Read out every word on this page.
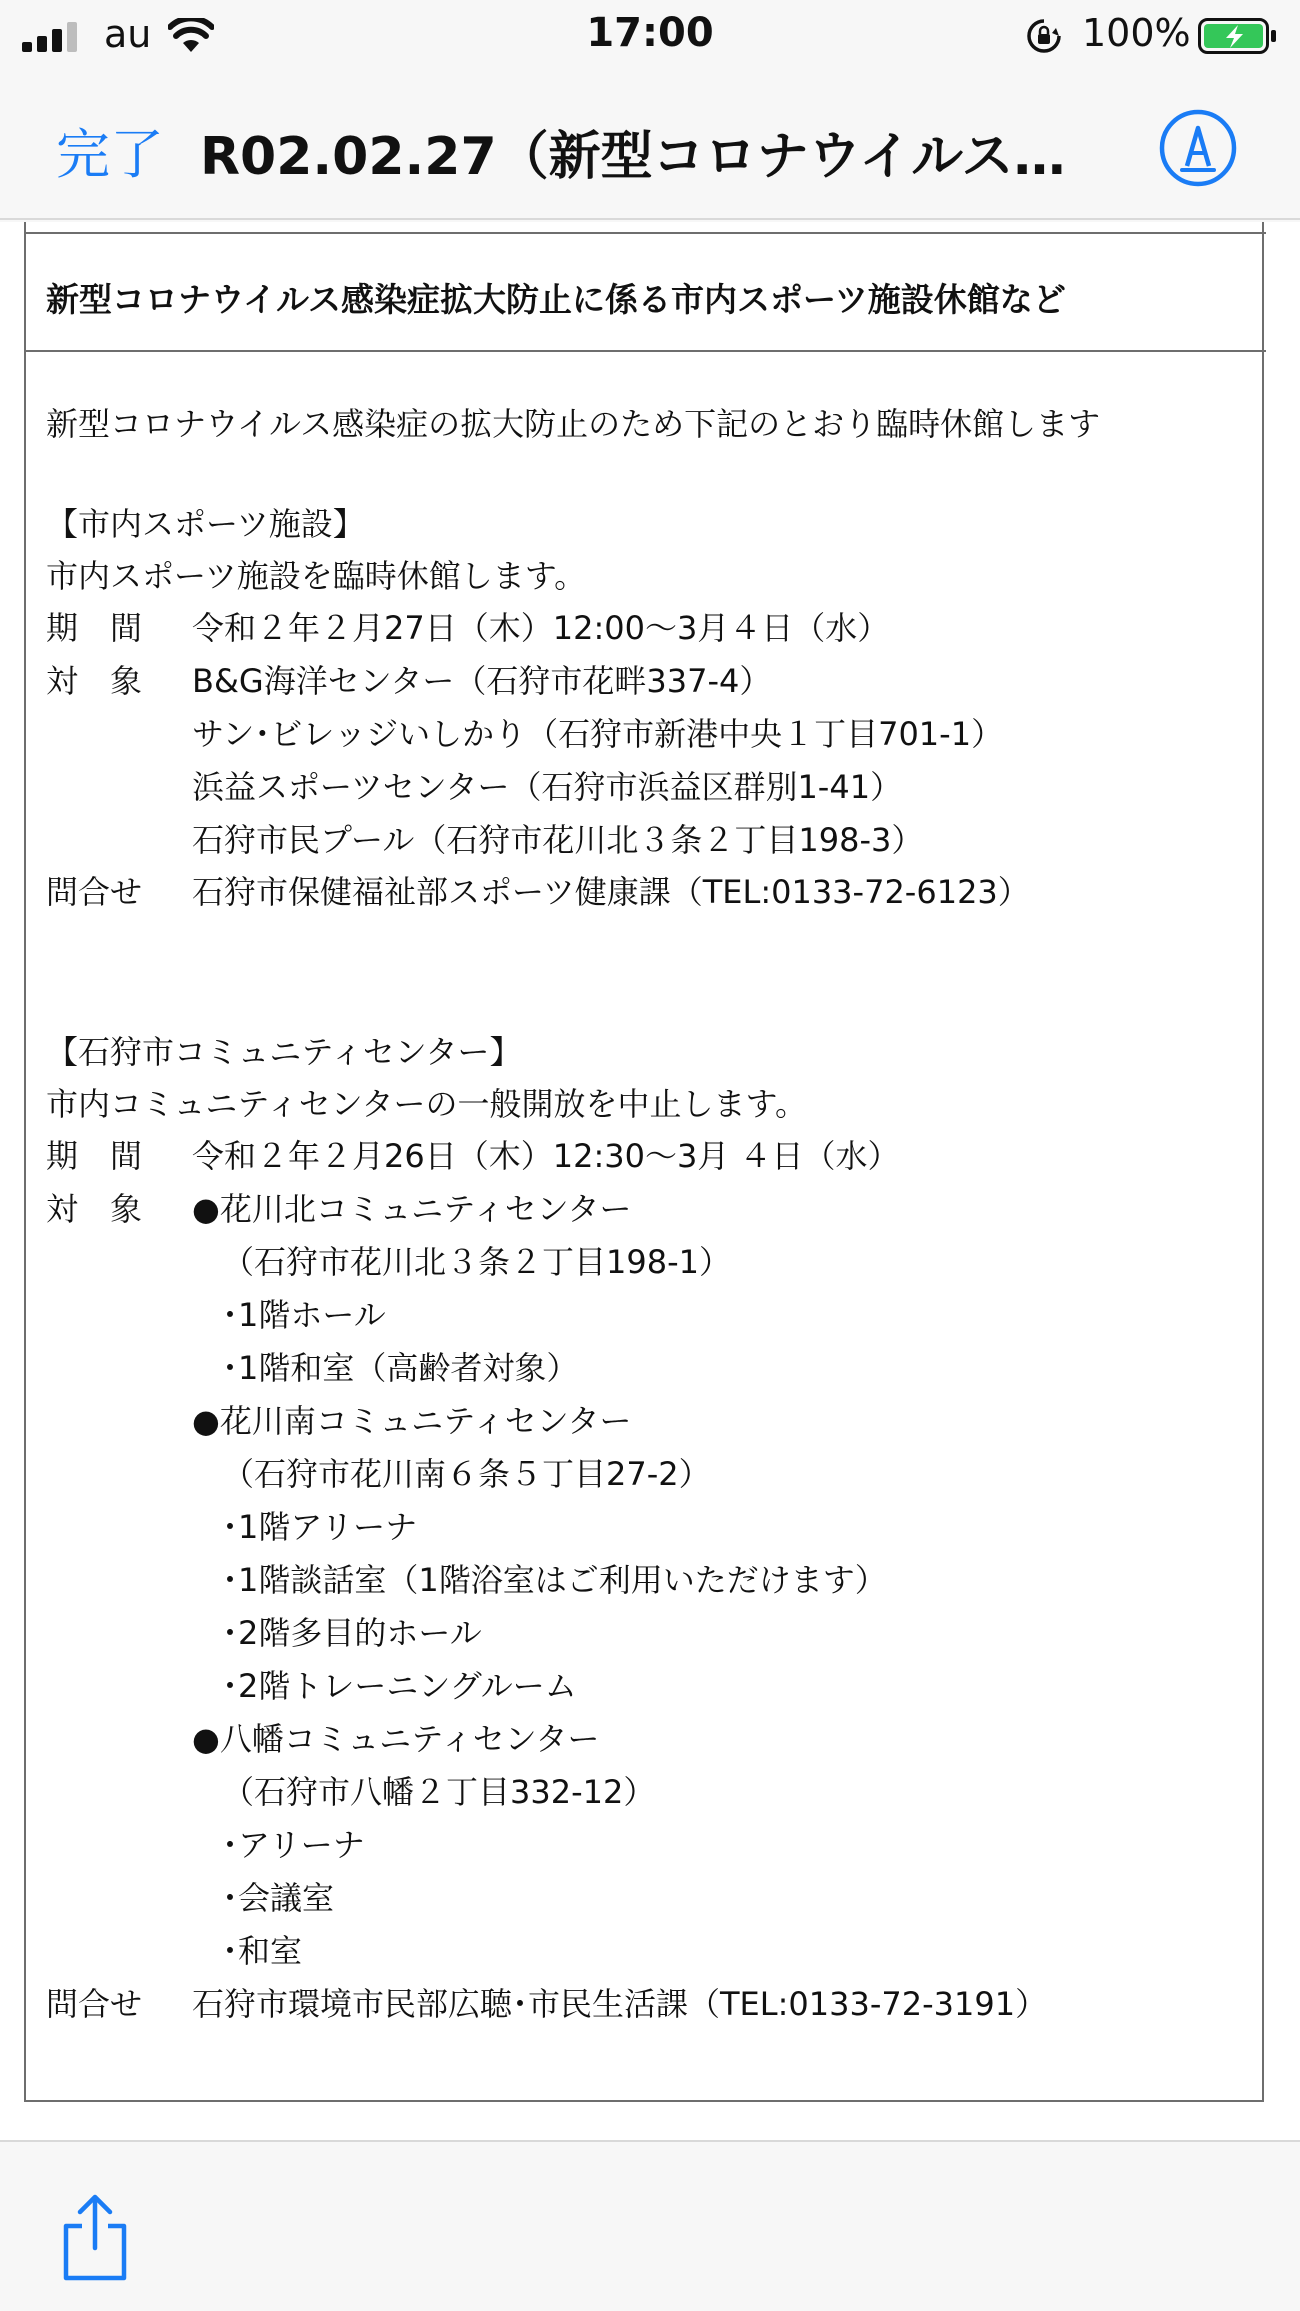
au	17:00	100%
完了 R02.02.27（新型コロナウイルス…
新型コロナウイルス感染症拡大防止に係る市内スポーツ施設休館など
新型コロナウイルス感染症の拡大防止のため下記のとおり臨時休館します
【市内スポーツ施設】
市内スポーツ施設を臨時休館します。
期　間 令和２年２月27日（木）12:00～3月４日（水）
対　象 B&G海洋センター（石狩市花畔337-4）
サン･ビレッジいしかり（石狩市新港中央１丁目701-1）
浜益スポーツセンター（石狩市浜益区群別1-41）
石狩市民プール（石狩市花川北３条２丁目198-3）
問合せ 石狩市保健福祉部スポーツ健康課（TEL:0133-72-6123）
【石狩市コミュニティセンター】
市内コミュニティセンターの一般開放を中止します。
期　間 令和２年２月26日（木）12:30～3月 ４日（水）
対　象 ●花川北コミュニティセンター
（石狩市花川北３条２丁目198-1）
･1階ホール
･1階和室（高齢者対象）
●花川南コミュニティセンター
（石狩市花川南６条５丁目27-2）
･1階アリーナ
･1階談話室（1階浴室はご利用いただけます）
･2階多目的ホール
･2階トレーニングルーム
●八幡コミュニティセンター
（石狩市八幡２丁目332-12）
･アリーナ
･会議室
･和室
問合せ 石狩市環境市民部広聴･市民生活課（TEL:0133-72-3191）
